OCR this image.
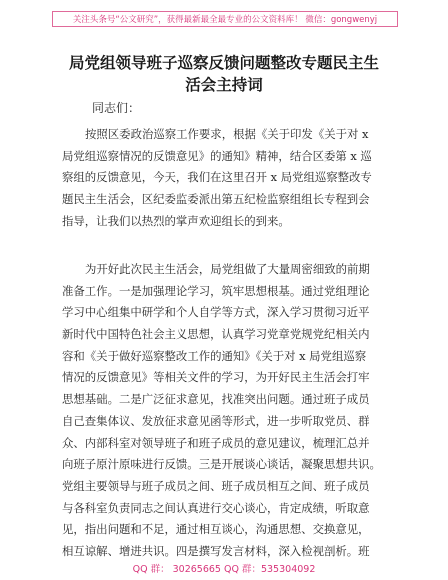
关注头条号“公文研究”，获得最新最全最专业的公文资料库！ 微信：gongwenyj
局党组领导班子巡察反馈问题整改专题民主生
活会主持词
同志们：
按照区委政治巡察工作要求，根据《关于印发《关于对 x
局党组巡察情况的反馈意见》的通知》精神，结合区委第 x 巡
察组的反馈意见，今天，我们在这里召开 x 局党组巡察整改专
题民主生活会，区纪委监委派出第五纪检监察组组长专程到会
指导，让我们以热烈的掌声欢迎组长的到来。
为开好此次民主生活会，局党组做了大量周密细致的前期
准备工作。一是加强理论学习，筑牢思想根基。通过党组理论
学习中心组集中研学和个人自学等方式，深入学习贯彻习近平
新时代中国特色社会主义思想，认真学习党章党规党纪相关内
容和《关于做好巡察整改工作的通知》《关于对 x 局党组巡察
情况的反馈意见》等相关文件的学习，为开好民主生活会打牢
思想基础。二是广泛征求意见，找准突出问题。通过班子成员
自己查集体议、发放征求意见函等形式，进一步听取党员、群
众、内部科室对领导班子和班子成员的意见建议，梳理汇总并
向班子原汁原味进行反馈。三是开展谈心谈话，凝聚思想共识。
党组主要领导与班子成员之间、班子成员相互之间、班子成员
与各科室负责同志之间认真进行交心谈心，肯定成绩，听取意
见，指出问题和不足，通过相互谈心，沟通思想、交换意见，
相互谅解、增进共识。四是撰写发言材料，深入检视剖析。班
QQ 群： 30265665 QQ 群：535304092
